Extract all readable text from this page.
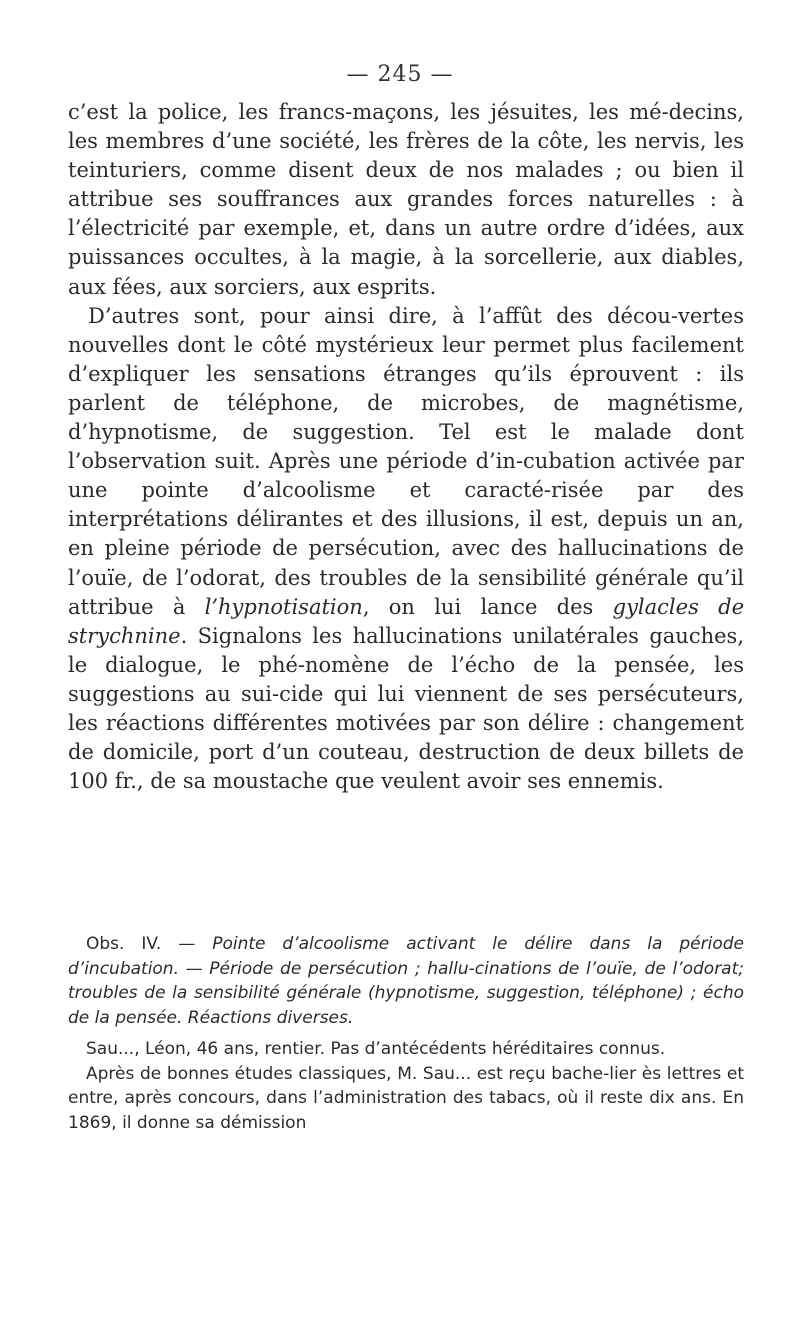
— 245 —

c’est la police, les francs-maçons, les jésuites, les mé-decins, les membres d’une société, les frères de la côte, les nervis, les teinturiers, comme disent deux de nos malades ; ou bien il attribue ses souffrances aux grandes forces naturelles : à l’électricité par exemple, et, dans un autre ordre d’idées, aux puissances occultes, à la magie, à la sorcellerie, aux diables, aux fées, aux sorciers, aux esprits.

D’autres sont, pour ainsi dire, à l’affût des décou-vertes nouvelles dont le côté mystérieux leur permet plus facilement d’expliquer les sensations étranges qu’ils éprouvent : ils parlent de téléphone, de microbes, de magnétisme, d’hypnotisme, de suggestion. Tel est le malade dont l’observation suit. Après une période d’in-cubation activée par une pointe d’alcoolisme et caracté-risée par des interprétations délirantes et des illusions, il est, depuis un an, en pleine période de persécution, avec des hallucinations de l’ouïe, de l’odorat, des troubles de la sensibilité générale qu’il attribue à l’hypnotisation, on lui lance des gylacles de strychnine. Signalons les hallucinations unilatérales gauches, le dialogue, le phé-nomène de l’écho de la pensée, les suggestions au sui-cide qui lui viennent de ses persécuteurs, les réactions différentes motivées par son délire : changement de domicile, port d’un couteau, destruction de deux billets de 100 fr., de sa moustache que veulent avoir ses ennemis.

Obs. IV. — Pointe d’alcoolisme activant le délire dans la période d’incubation. — Période de persécution ; hallu-cinations de l’ouïe, de l’odorat; troubles de la sensibilité générale (hypnotisme, suggestion, téléphone) ; écho de la pensée. Réactions diverses.

Sau..., Léon, 46 ans, rentier. Pas d’antécédents héréditaires connus.

Après de bonnes études classiques, M. Sau... est reçu bache-lier ès lettres et entre, après concours, dans l’administration des tabacs, où il reste dix ans. En 1869, il donne sa démission
